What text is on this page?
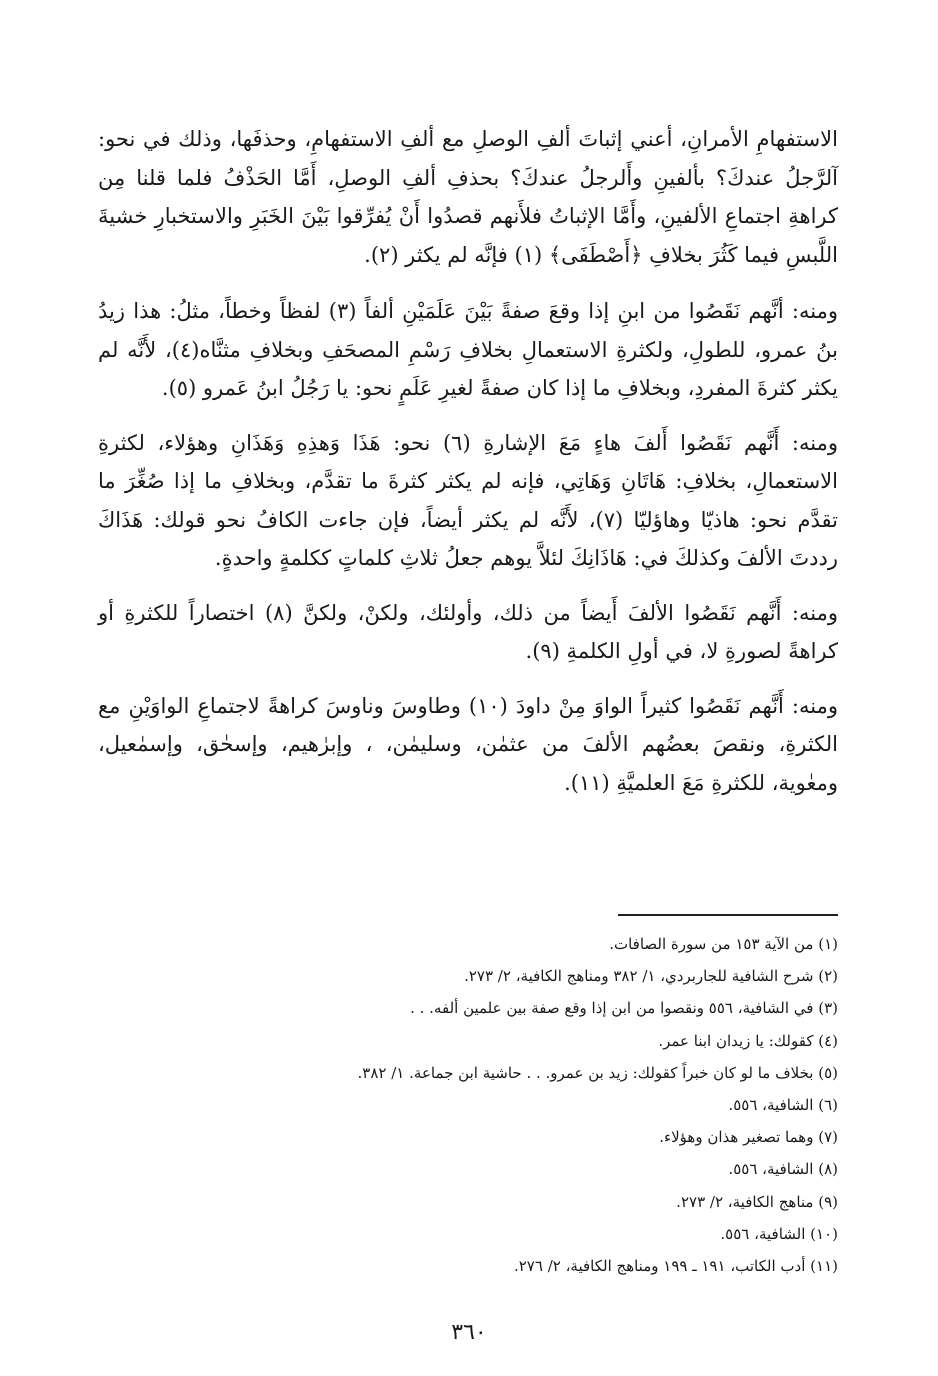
الاستفهامِ الأمرانِ، أعني إثباتَ ألفِ الوصلِ مع ألفِ الاستفهامِ، وحذفَها، وذلك في نحو: آلرَّجلُ عندكَ؟ بألفينِ وأَلرجلُ عندكَ؟ بحذفِ ألفِ الوصلِ، أَمَّا الحَذْفُ فلما قلنا مِن كراهةِ اجتماعِ الألفينِ، وأَمَّا الإثباتُ فلأَنهم قصدُوا أَنْ يُفرِّقوا بَيْنَ الخَبَرِ والاستخبارِ خشيةَ اللَّبسِ فيما كَثُرَ بخلافِ ﴿أَصْطَفَى﴾ (١) فإنَّه لم يكثر (٢).

ومنه: أنَّهم نَقَصُوا من ابنِ إذا وقعَ صفةً بَيْنَ عَلَمَيْنِ ألفاً (٣) لفظاً وخطاً، مثلُ: هذا زيدُ بنُ عمرو، للطولِ، ولكثرةِ الاستعمالِ بخلافِ رَسْمِ المصحَفِ وبخلافِ مثنَّاه(٤)، لأَنَّه لم يكثر كثرةَ المفردِ، وبخلافِ ما إذا كان صفةً لغيرِ عَلَمٍ نحو: يا رَجُلُ ابنُ عَمرو (٥).

ومنه: أَنَّهم نَقَصُوا أَلفَ هاءٍ مَعَ الإشارةِ (٦) نحو: هَذَا وَهذِهِ وَهَذَانِ وهؤلاء، لكثرةِ الاستعمالِ، بخلافِ: هَاتَانِ وَهَاتِي، فإنه لم يكثر كثرةَ ما تقدَّم، وبخلافِ ما إذا صُغِّرَ ما تقدَّم نحو: هاذيّا وهاؤليّا (٧)، لأَنَّه لم يكثر أيضاً، فإن جاءت الكافُ نحو قولك: هَذَاكَ رددتَ الألفَ وكذلكَ في: هَاذَانِكَ لئلاَّ يوهم جعلُ ثلاثِ كلماتٍ ككلمةٍ واحدةٍ.

ومنه: أَنَّهم نَقَصُوا الألفَ أَيضاً من ذلك، وأولئك، ولكنْ، ولكنَّ (٨) اختصاراً للكثرةِ أو كراهةً لصورةِ لا، في أولِ الكلمةِ (٩).

ومنه: أَنَّهم نَقَصُوا كثيراً الواوَ مِنْ داودَ (١٠) وطاوسَ وناوسَ كراهةً لاجتماعِ الواوَيْنِ مع الكثرةِ، ونقصَ بعضُهم الألفَ من عثمٰن، وسليمٰن، ، وإبرٰهيم، وإسحٰق، وإسمٰعيل، ومعٰوية، للكثرةِ مَعَ العلميَّةِ (١١).

(١) من الآية ١٥٣ من سورة الصافات.
(٢) شرح الشافية للجاربردي، ١/ ٣٨٢ ومناهج الكافية، ٢/ ٢٧٣.
(٣) في الشافية، ٥٥٦ ونقصوا من ابن إذا وقع صفة بين علمين ألفه. . .
(٤) كقولك: يا زيدان ابنا عمر.
(٥) بخلاف ما لو كان خبراً كقولك: زيد بن عمرو. . . حاشية ابن جماعة. ١/ ٣٨٢.
(٦) الشافية، ٥٥٦.
(٧) وهما تصغير هذان وهؤلاء.
(٨) الشافية، ٥٥٦.
(٩) مناهج الكافية، ٢/ ٢٧٣.
(١٠) الشافية، ٥٥٦.
(١١) أدب الكاتب، ١٩١ ـ ١٩٩ ومناهج الكافية، ٢/ ٢٧٦.
٣٦٠
